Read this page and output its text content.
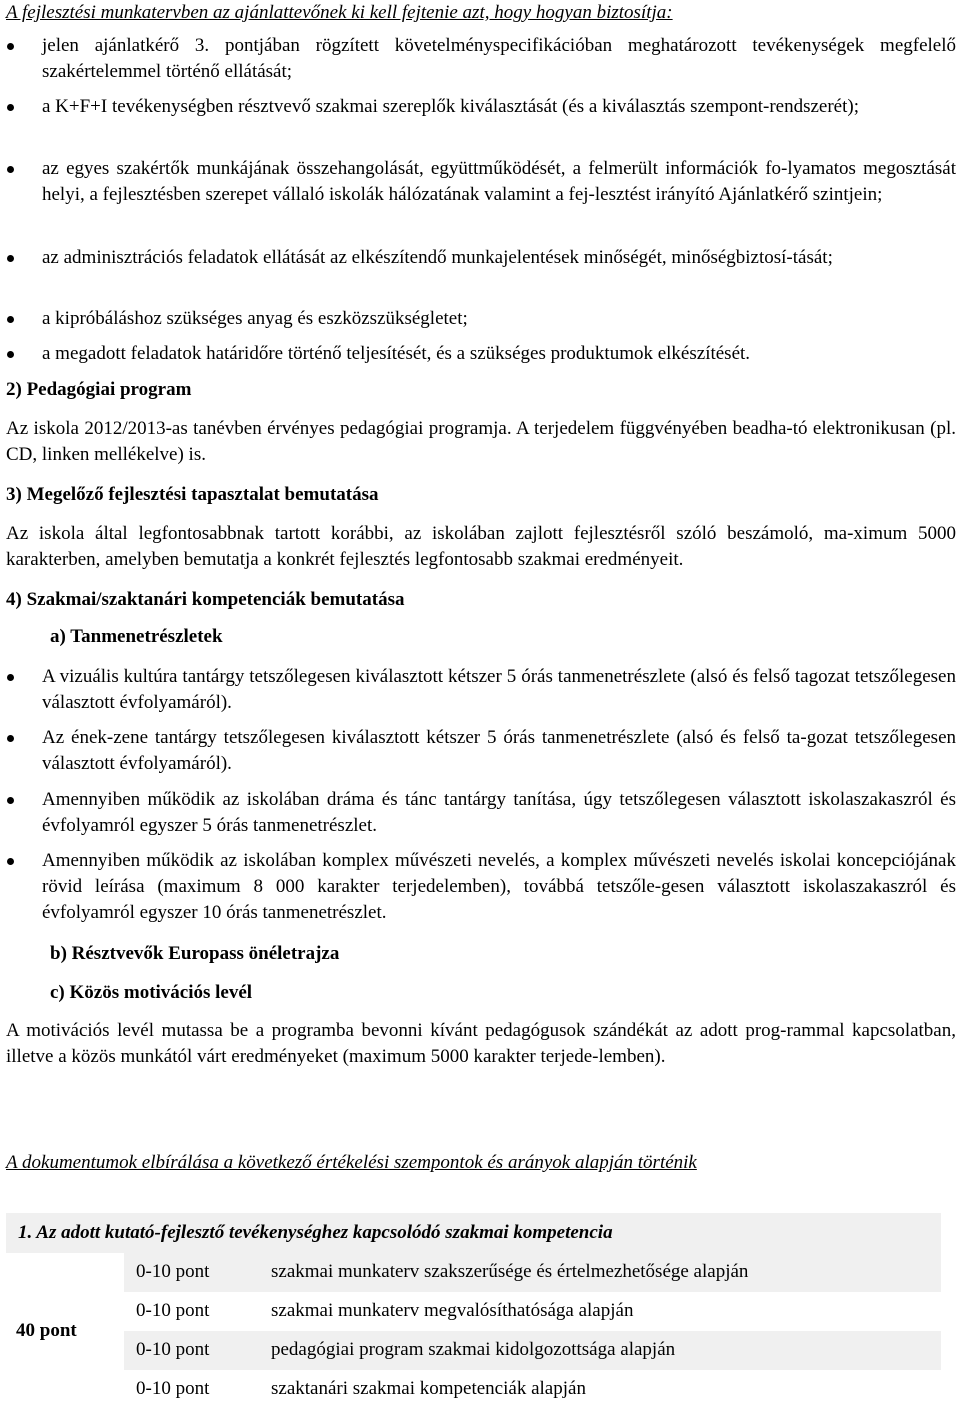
A fejlesztési munkatervben az ajánlattevőnek ki kell fejtenie azt, hogy hogyan biztosítja:
jelen ajánlatkérő 3. pontjában rögzített követelményspecifikációban meghatározott tevékenységek megfelelő szakértelemmel történő ellátását;
a K+F+I tevékenységben résztvevő szakmai szereplők kiválasztását (és a kiválasztás szempont-rendszerét);
az egyes szakértők munkájának összehangolását, együttműködését, a felmerült információk fo-lyamatos megosztását helyi, a fejlesztésben szerepet vállaló iskolák hálózatának valamint a fej-lesztést irányító Ajánlatkérő szintjein;
az adminisztrációs feladatok ellátását az elkészítendő munkajelentések minőségét, minőségbiztosí-tását;
a kipróbáláshoz szükséges anyag és eszközszükségletet;
a megadott feladatok határidőre történő teljesítését, és a szükséges produktumok elkészítését.
2) Pedagógiai program
Az iskola 2012/2013-as tanévben érvényes pedagógiai programja. A terjedelem függvényében beadha-tó elektronikusan (pl. CD, linken mellékelve) is.
3) Megelőző fejlesztési tapasztalat bemutatása
Az iskola által legfontosabbnak tartott korábbi, az iskolában zajlott fejlesztésről szóló beszámoló, ma-ximum 5000 karakterben, amelyben bemutatja a konkrét fejlesztés legfontosabb szakmai eredményeit.
4) Szakmai/szaktanári kompetenciák bemutatása
a) Tanmenetrészletek
A vizuális kultúra tantárgy tetszőlegesen kiválasztott kétszer 5 órás tanmenetrészlete (alsó és felső tagozat tetszőlegesen választott évfolyamáról).
Az ének-zene tantárgy tetszőlegesen kiválasztott kétszer 5 órás tanmenetrészlete (alsó és felső ta-gozat tetszőlegesen választott évfolyamáról).
Amennyiben működik az iskolában dráma és tánc tantárgy tanítása, úgy tetszőlegesen választott iskolaszakaszról és évfolyamról egyszer 5 órás tanmenetrészlet.
Amennyiben működik az iskolában komplex művészeti nevelés, a komplex művészeti nevelés iskolai koncepciójának rövid leírása (maximum 8 000 karakter terjedelemben), továbbá tetszőle-gesen választott iskolaszakaszról és évfolyamról egyszer 10 órás tanmenetrészlet.
b) Résztvevők Europass önéletrajza
c) Közös motivációs levél
A motivációs levél mutassa be a programba bevonni kívánt pedagógusok szándékát az adott prog-rammal kapcsolatban, illetve a közös munkától várt eredményeket (maximum 5000 karakter terjede-lemben).
A dokumentumok elbírálása a következő értékelési szempontok és arányok alapján történik
1. Az adott kutató-fejlesztő tevékenységhez kapcsolódó szakmai kompetencia
0-10 pont	szakmai munkaterv szakszerűsége és értelmezhetősége alapján
0-10 pont	szakmai munkaterv megvalósíthatósága alapján
0-10 pont	pedagógiai program szakmai kidolgozottsága alapján
0-10 pont	szaktanári szakmai kompetenciák alapján
40 pont
